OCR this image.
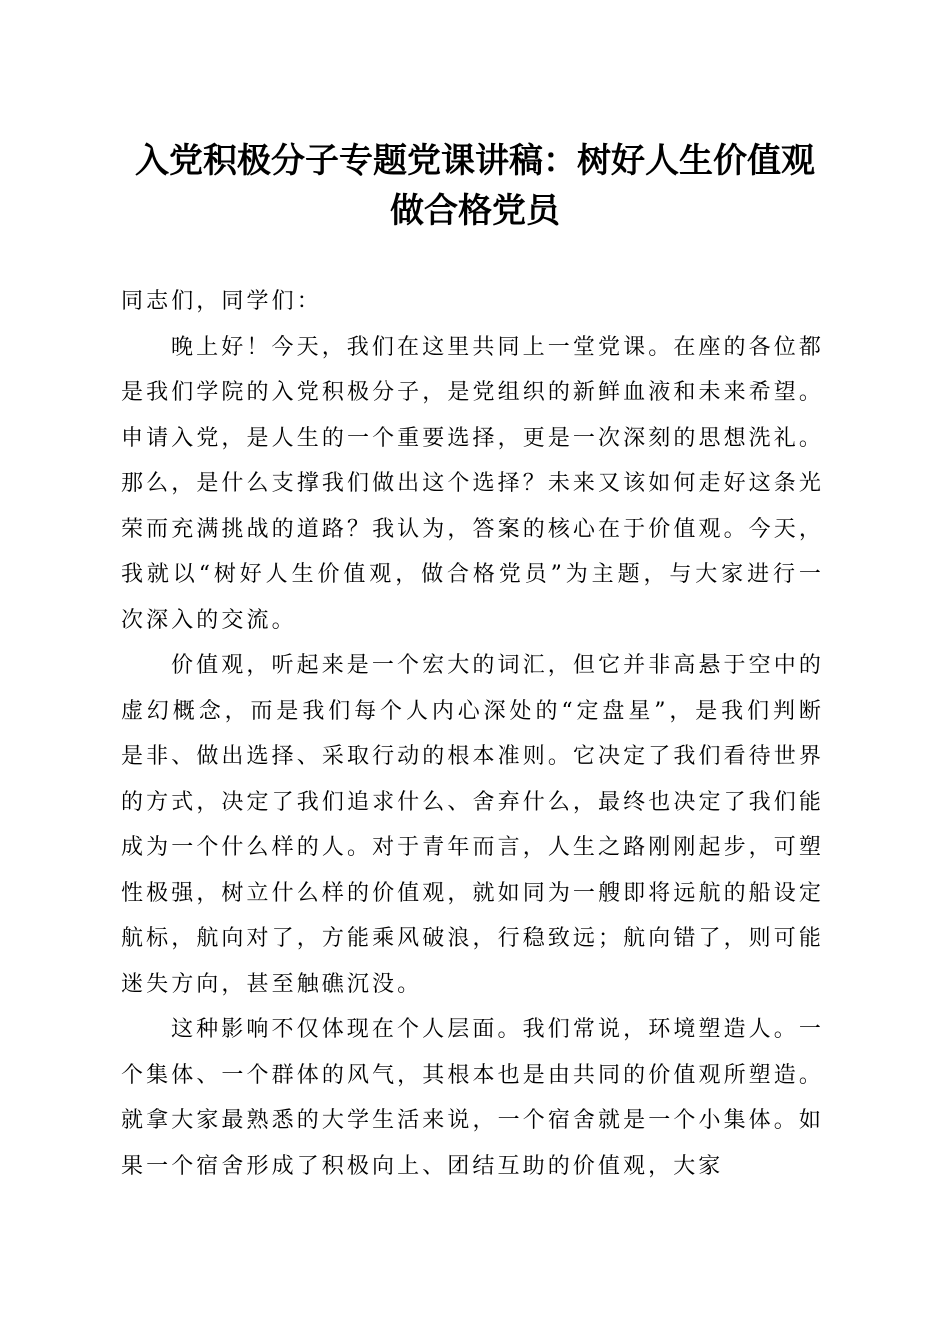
入党积极分子专题党课讲稿：树好人生价值观
做合格党员

同志们，同学们：

晚上好！今天，我们在这里共同上一堂党课。在座的各位都是我们学院的入党积极分子，是党组织的新鲜血液和未来希望。申请入党，是人生的一个重要选择，更是一次深刻的思想洗礼。那么，是什么支撑我们做出这个选择？未来又该如何走好这条光荣而充满挑战的道路？我认为，答案的核心在于价值观。今天，我就以“树好人生价值观，做合格党员”为主题，与大家进行一次深入的交流。

价值观，听起来是一个宏大的词汇，但它并非高悬于空中的虚幻概念，而是我们每个人内心深处的“定盘星”，是我们判断是非、做出选择、采取行动的根本准则。它决定了我们看待世界的方式，决定了我们追求什么、舍弃什么，最终也决定了我们能成为一个什么样的人。对于青年而言，人生之路刚刚起步，可塑性极强，树立什么样的价值观，就如同为一艘即将远航的船设定航标，航向对了，方能乘风破浪，行稳致远；航向错了，则可能迷失方向，甚至触礁沉没。

这种影响不仅体现在个人层面。我们常说，环境塑造人。一个集体、一个群体的风气，其根本也是由共同的价值观所塑造。就拿大家最熟悉的大学生活来说，一个宿舍就是一个小集体。如果一个宿舍形成了积极向上、团结互助的价值观，大家
